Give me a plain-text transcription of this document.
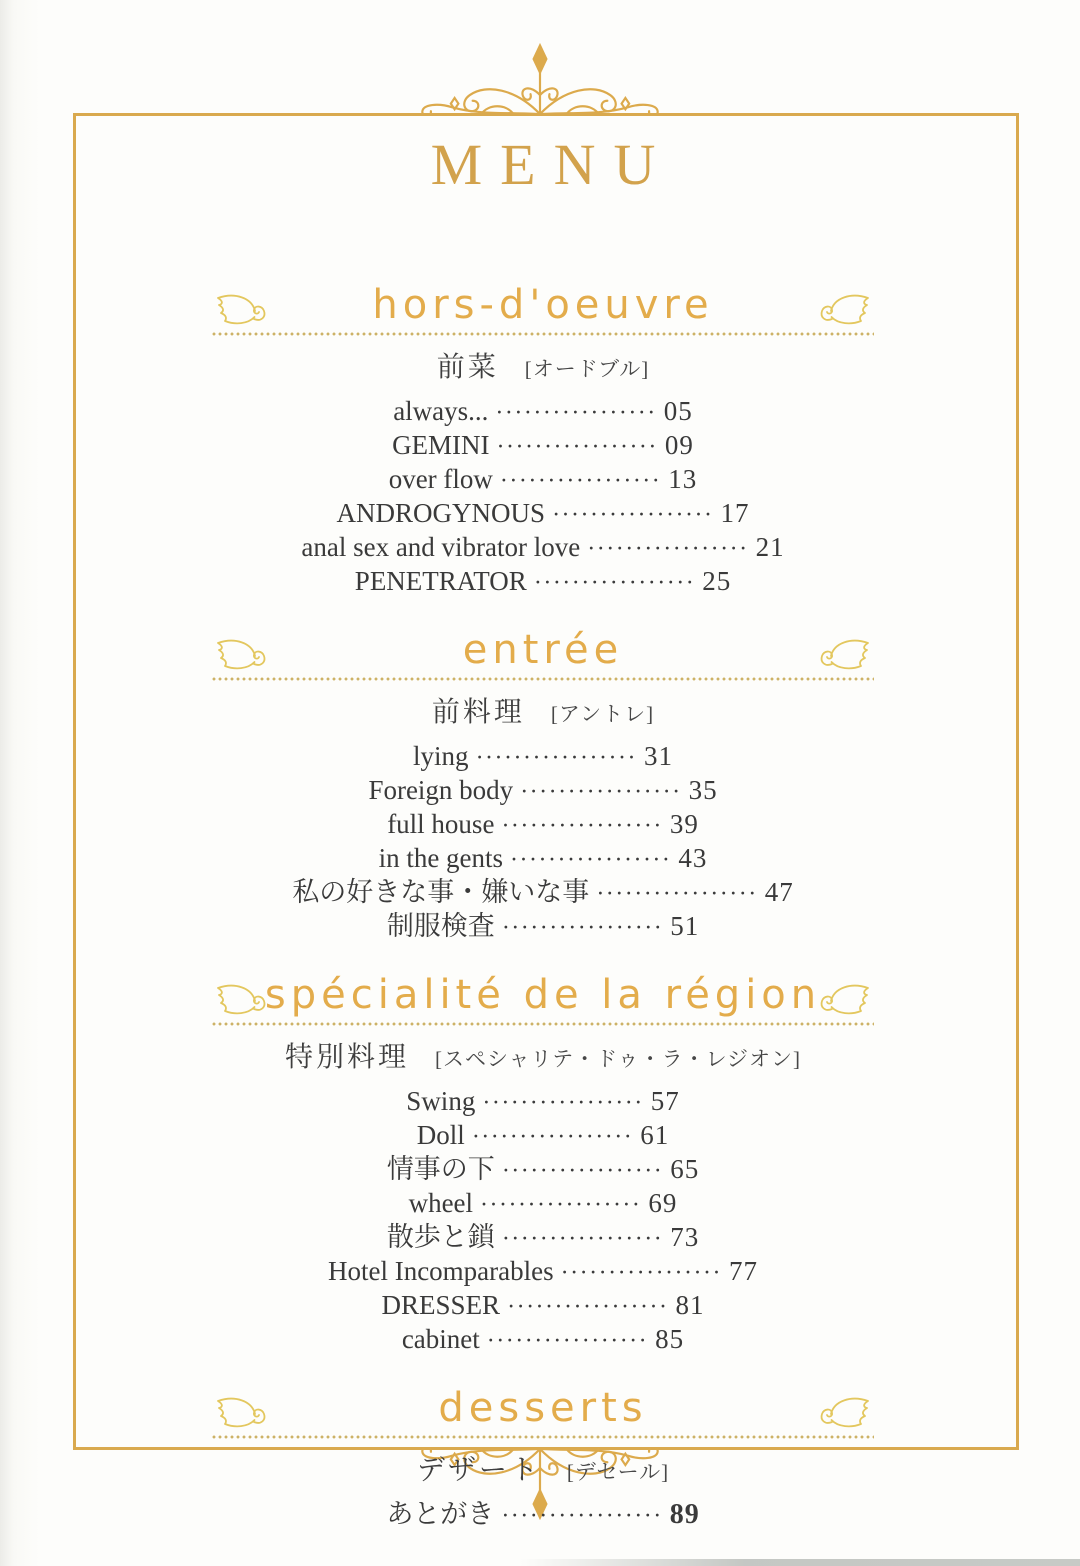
MENU
hors-d'oeuvre
前菜 [オードブル]
always... ················· 05
GEMINI ················· 09
over flow ················· 13
ANDROGYNOUS ················· 17
anal sex and vibrator love ················· 21
PENETRATOR ················· 25
entrée
前料理 [アントレ]
lying ················· 31
Foreign body ················· 35
full house ················· 39
in the gents ················· 43
私の好きな事・嫌いな事 ················· 47
制服検査 ················· 51
spécialité de la région
特別料理 [スペシャリテ・ドゥ・ラ・レジオン]
Swing ················· 57
Doll ················· 61
情事の下 ················· 65
wheel ················· 69
散歩と鎖 ················· 73
Hotel Incomparables ················· 77
DRESSER ················· 81
cabinet ················· 85
desserts
デザート [デセール]
あとがき ················· 89
